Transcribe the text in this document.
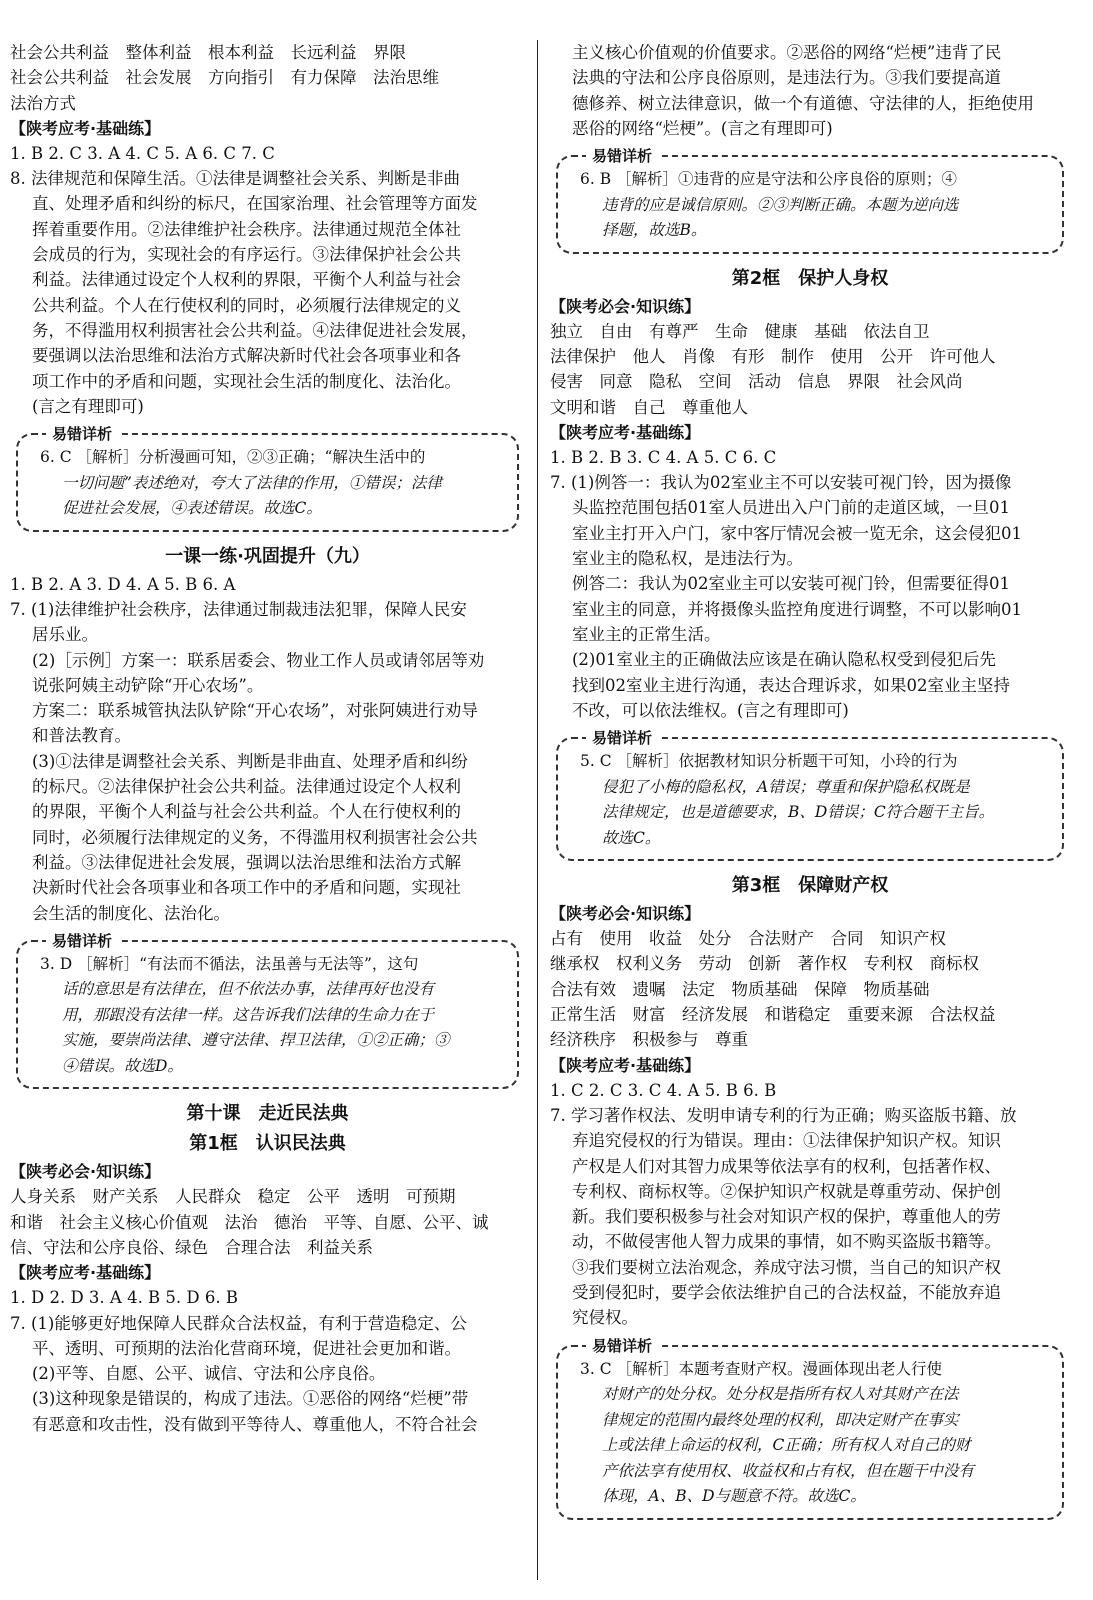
社会公共利益　整体利益　根本利益　长远利益　界限
社会公共利益　社会发展　方向指引　有力保障　法治思维
法治方式
【陕考应考·基础练】
1. B 2. C 3. A 4. C 5. A 6. C 7. C
8. 法律规范和保障生活。①法律是调整社会关系、判断是非曲
直、处理矛盾和纠纷的标尺，在国家治理、社会管理等方面发
挥着重要作用。②法律维护社会秩序。法律通过规范全体社
会成员的行为，实现社会的有序运行。③法律保护社会公共
利益。法律通过设定个人权利的界限，平衡个人利益与社会
公共利益。个人在行使权利的同时，必须履行法律规定的义
务，不得滥用权利损害社会公共利益。④法律促进社会发展，
要强调以法治思维和法治方式解决新时代社会各项事业和各
项工作中的矛盾和问题，实现社会生活的制度化、法治化。
(言之有理即可)
易错详析
6. C ［解析］分析漫画可知，②③正确；“解决生活中的
一切问题”表述绝对，夸大了法律的作用，①错误；法律
促进社会发展，④表述错误。故选C。
一课一练·巩固提升（九）
1. B 2. A 3. D 4. A 5. B 6. A
7. (1)法律维护社会秩序，法律通过制裁违法犯罪，保障人民安
居乐业。
(2)［示例］方案一：联系居委会、物业工作人员或请邻居等劝
说张阿姨主动铲除“开心农场”。
方案二：联系城管执法队铲除“开心农场”，对张阿姨进行劝导
和普法教育。
(3)①法律是调整社会关系、判断是非曲直、处理矛盾和纠纷
的标尺。②法律保护社会公共利益。法律通过设定个人权利
的界限，平衡个人利益与社会公共利益。个人在行使权利的
同时，必须履行法律规定的义务，不得滥用权利损害社会公共
利益。③法律促进社会发展，强调以法治思维和法治方式解
决新时代社会各项事业和各项工作中的矛盾和问题，实现社
会生活的制度化、法治化。
易错详析
3. D ［解析］“有法而不循法，法虽善与无法等”，这句
话的意思是有法律在，但不依法办事，法律再好也没有
用，那跟没有法律一样。这告诉我们法律的生命力在于
实施，要崇尚法律、遵守法律、捍卫法律，①②正确；③
④错误。故选D。
第十课　走近民法典
第1框　认识民法典
【陕考必会·知识练】
人身关系　财产关系　人民群众　稳定　公平　透明　可预期
和谐　社会主义核心价值观　法治　德治　平等、自愿、公平、诚
信、守法和公序良俗、绿色　合理合法　利益关系
【陕考应考·基础练】
1. D 2. D 3. A 4. B 5. D 6. B
7. (1)能够更好地保障人民群众合法权益，有利于营造稳定、公
平、透明、可预期的法治化营商环境，促进社会更加和谐。
(2)平等、自愿、公平、诚信、守法和公序良俗。
(3)这种现象是错误的，构成了违法。①恶俗的网络“烂梗”带
有恶意和攻击性，没有做到平等待人、尊重他人，不符合社会
主义核心价值观的价值要求。②恶俗的网络“烂梗”违背了民
法典的守法和公序良俗原则，是违法行为。③我们要提高道
德修养、树立法律意识，做一个有道德、守法律的人，拒绝使用
恶俗的网络“烂梗”。(言之有理即可)
易错详析
6. B ［解析］①违背的应是守法和公序良俗的原则；④
违背的应是诚信原则。②③判断正确。本题为逆向选
择题，故选B。
第2框　保护人身权
【陕考必会·知识练】
独立　自由　有尊严　生命　健康　基础　依法自卫
法律保护　他人　肖像　有形　制作　使用　公开　许可他人
侵害　同意　隐私　空间　活动　信息　界限　社会风尚
文明和谐　自己　尊重他人
【陕考应考·基础练】
1. B 2. B 3. C 4. A 5. C 6. C
7. (1)例答一：我认为02室业主不可以安装可视门铃，因为摄像
头监控范围包括01室人员进出入户门前的走道区域，一旦01
室业主打开入户门，家中客厅情况会被一览无余，这会侵犯01
室业主的隐私权，是违法行为。
例答二：我认为02室业主可以安装可视门铃，但需要征得01
室业主的同意，并将摄像头监控角度进行调整，不可以影响01
室业主的正常生活。
(2)01室业主的正确做法应该是在确认隐私权受到侵犯后先
找到02室业主进行沟通，表达合理诉求，如果02室业主坚持
不改，可以依法维权。(言之有理即可)
易错详析
5. C ［解析］依据教材知识分析题干可知，小玲的行为
侵犯了小梅的隐私权，A错误；尊重和保护隐私权既是
法律规定，也是道德要求，B、D错误；C符合题干主旨。
故选C。
第3框　保障财产权
【陕考必会·知识练】
占有　使用　收益　处分　合法财产　合同　知识产权
继承权　权利义务　劳动　创新　著作权　专利权　商标权
合法有效　遗嘱　法定　物质基础　保障　物质基础
正常生活　财富　经济发展　和谐稳定　重要来源　合法权益
经济秩序　积极参与　尊重
【陕考应考·基础练】
1. C 2. C 3. C 4. A 5. B 6. B
7. 学习著作权法、发明申请专利的行为正确；购买盗版书籍、放
弃追究侵权的行为错误。理由：①法律保护知识产权。知识
产权是人们对其智力成果等依法享有的权利，包括著作权、
专利权、商标权等。②保护知识产权就是尊重劳动、保护创
新。我们要积极参与社会对知识产权的保护，尊重他人的劳
动，不做侵害他人智力成果的事情，如不购买盗版书籍等。
③我们要树立法治观念，养成守法习惯，当自己的知识产权
受到侵犯时，要学会依法维护自己的合法权益，不能放弃追
究侵权。
易错详析
3. C ［解析］本题考查财产权。漫画体现出老人行使
对财产的处分权。处分权是指所有权人对其财产在法
律规定的范围内最终处理的权利，即决定财产在事实
上或法律上命运的权利，C正确；所有权人对自己的财
产依法享有使用权、收益权和占有权，但在题干中没有
体现，A、B、D与题意不符。故选C。
